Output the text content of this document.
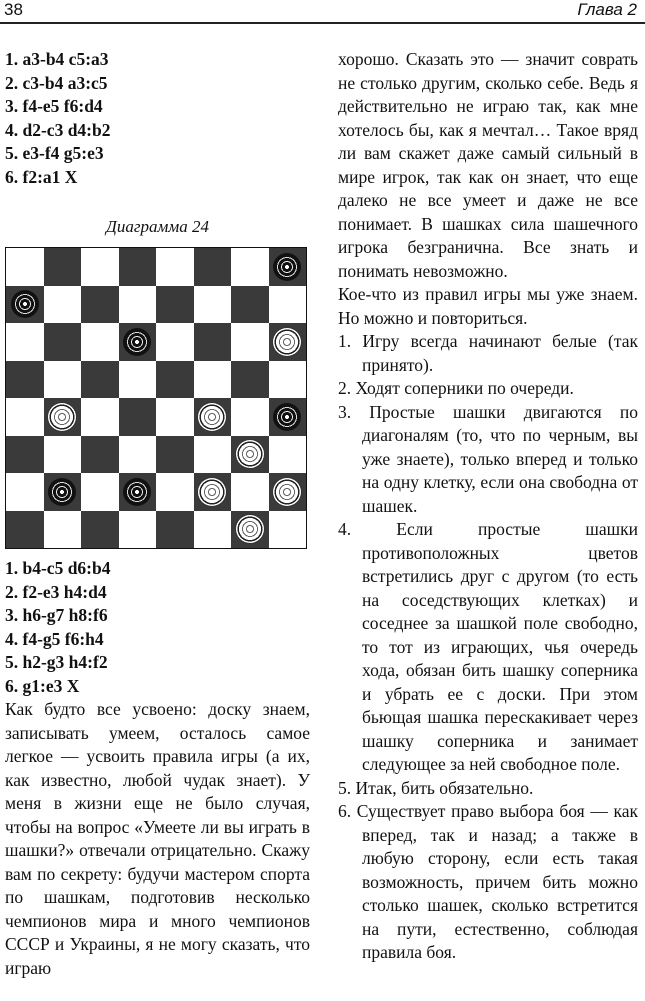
38	Глава 2
1. a3-b4 c5:a3
2. c3-b4 a3:c5
3. f4-e5 f6:d4
4. d2-c3 d4:b2
5. e3-f4 g5:e3
6. f2:a1 X
Диаграмма 24
1. b4-c5 d6:b4
2. f2-e3 h4:d4
3. h6-g7 h8:f6
4. f4-g5 f6:h4
5. h2-g3 h4:f2
6. g1:e3 X

Как будто все усвоено: доску знаем, записывать умеем, осталось самое легкое — усвоить правила игры (а их, как известно, любой чудак знает). У меня в жизни еще не было случая, чтобы на вопрос «Умеете ли вы играть в шашки?» отвечали отрицательно. Скажу вам по секрету: будучи мастером спорта по шашкам, подготовив несколько чемпионов мира и много чемпионов СССР и Украины, я не могу сказать, что играю

хорошо. Сказать это — значит соврать не столько другим, сколько себе. Ведь я действительно не играю так, как мне хотелось бы, как я мечтал… Такое вряд ли вам скажет даже самый сильный в мире игрок, так как он знает, что еще далеко не все умеет и даже не все понимает. В шашках сила шашечного игрока безгранична. Все знать и понимать невозможно.

Кое-что из правил игры мы уже знаем. Но можно и повториться.

1. Игру всегда начинают белые (так принято).
2. Ходят соперники по очереди.
3. Простые шашки двигаются по диагоналям (то, что по черным, вы уже знаете), только вперед и только на одну клетку, если она свободна от шашек.
4. Если простые шашки противоположных цветов встретились друг с другом (то есть на соседствующих клетках) и соседнее за шашкой поле свободно, то тот из играющих, чья очередь хода, обязан бить шашку соперника и убрать ее с доски. При этом бьющая шашка перескакивает через шашку соперника и занимает следующее за ней свободное поле.
5. Итак, бить обязательно.
6. Существует право выбора боя — как вперед, так и назад; а также в любую сторону, если есть такая возможность, причем бить можно столько шашек, сколько встретится на пути, естественно, соблюдая правила боя.
